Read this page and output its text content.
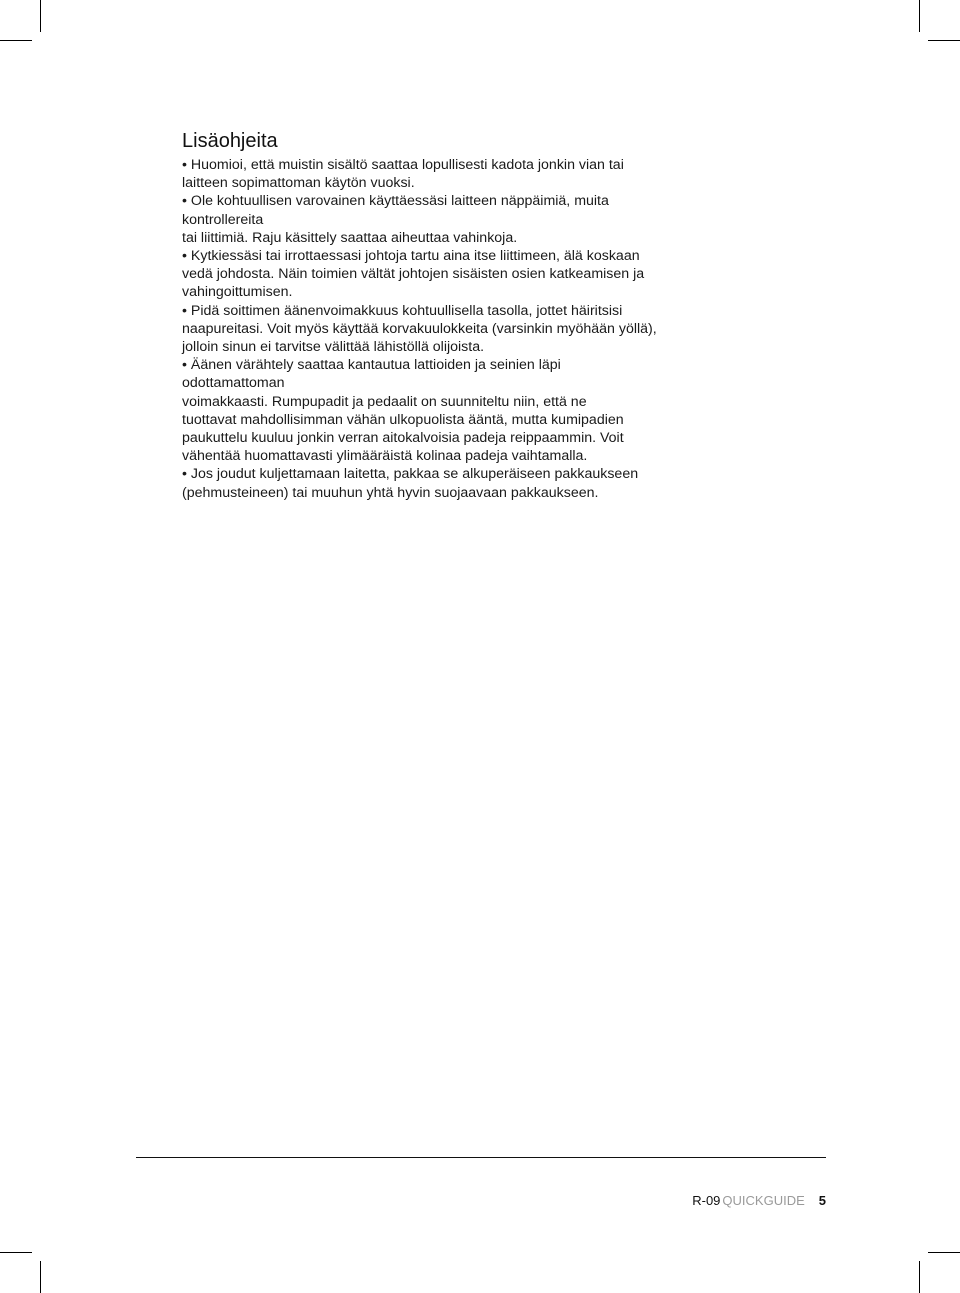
Lisäohjeita
• Huomioi, että muistin sisältö saattaa lopullisesti kadota jonkin vian tai
laitteen sopimattoman käytön vuoksi.
• Ole kohtuullisen varovainen käyttäessäsi laitteen näppäimiä, muita
kontrollereita
tai liittimiä. Raju käsittely saattaa aiheuttaa vahinkoja.
• Kytkiessäsi tai irrottaessasi johtoja tartu aina itse liittimeen, älä koskaan
vedä johdosta. Näin toimien vältät johtojen sisäisten osien katkeamisen ja
vahingoittumisen.
• Pidä soittimen äänenvoimakkuus kohtuullisella tasolla, jottet häiritsisi
naapureitasi. Voit myös käyttää korvakuulokkeita (varsinkin myöhään yöllä),
jolloin sinun ei tarvitse välittää lähistöllä olijoista.
• Äänen värähtely saattaa kantautua lattioiden ja seinien läpi
odottamattoman
voimakkaasti. Rumpupadit ja pedaalit on suunniteltu niin, että ne
tuottavat mahdollisimman vähän ulkopuolista ääntä, mutta kumipadien
paukuttelu kuuluu jonkin verran aitokalvoisia padeja reippaammin. Voit
vähentää huomattavasti ylimääräistä kolinaa padeja vaihtamalla.
• Jos joudut kuljettamaan laitetta, pakkaa se alkuperäiseen pakkaukseen
(pehmusteineen) tai muuhun yhtä hyvin suojaavaan pakkaukseen.
R-09 QUICKGUIDE 5
